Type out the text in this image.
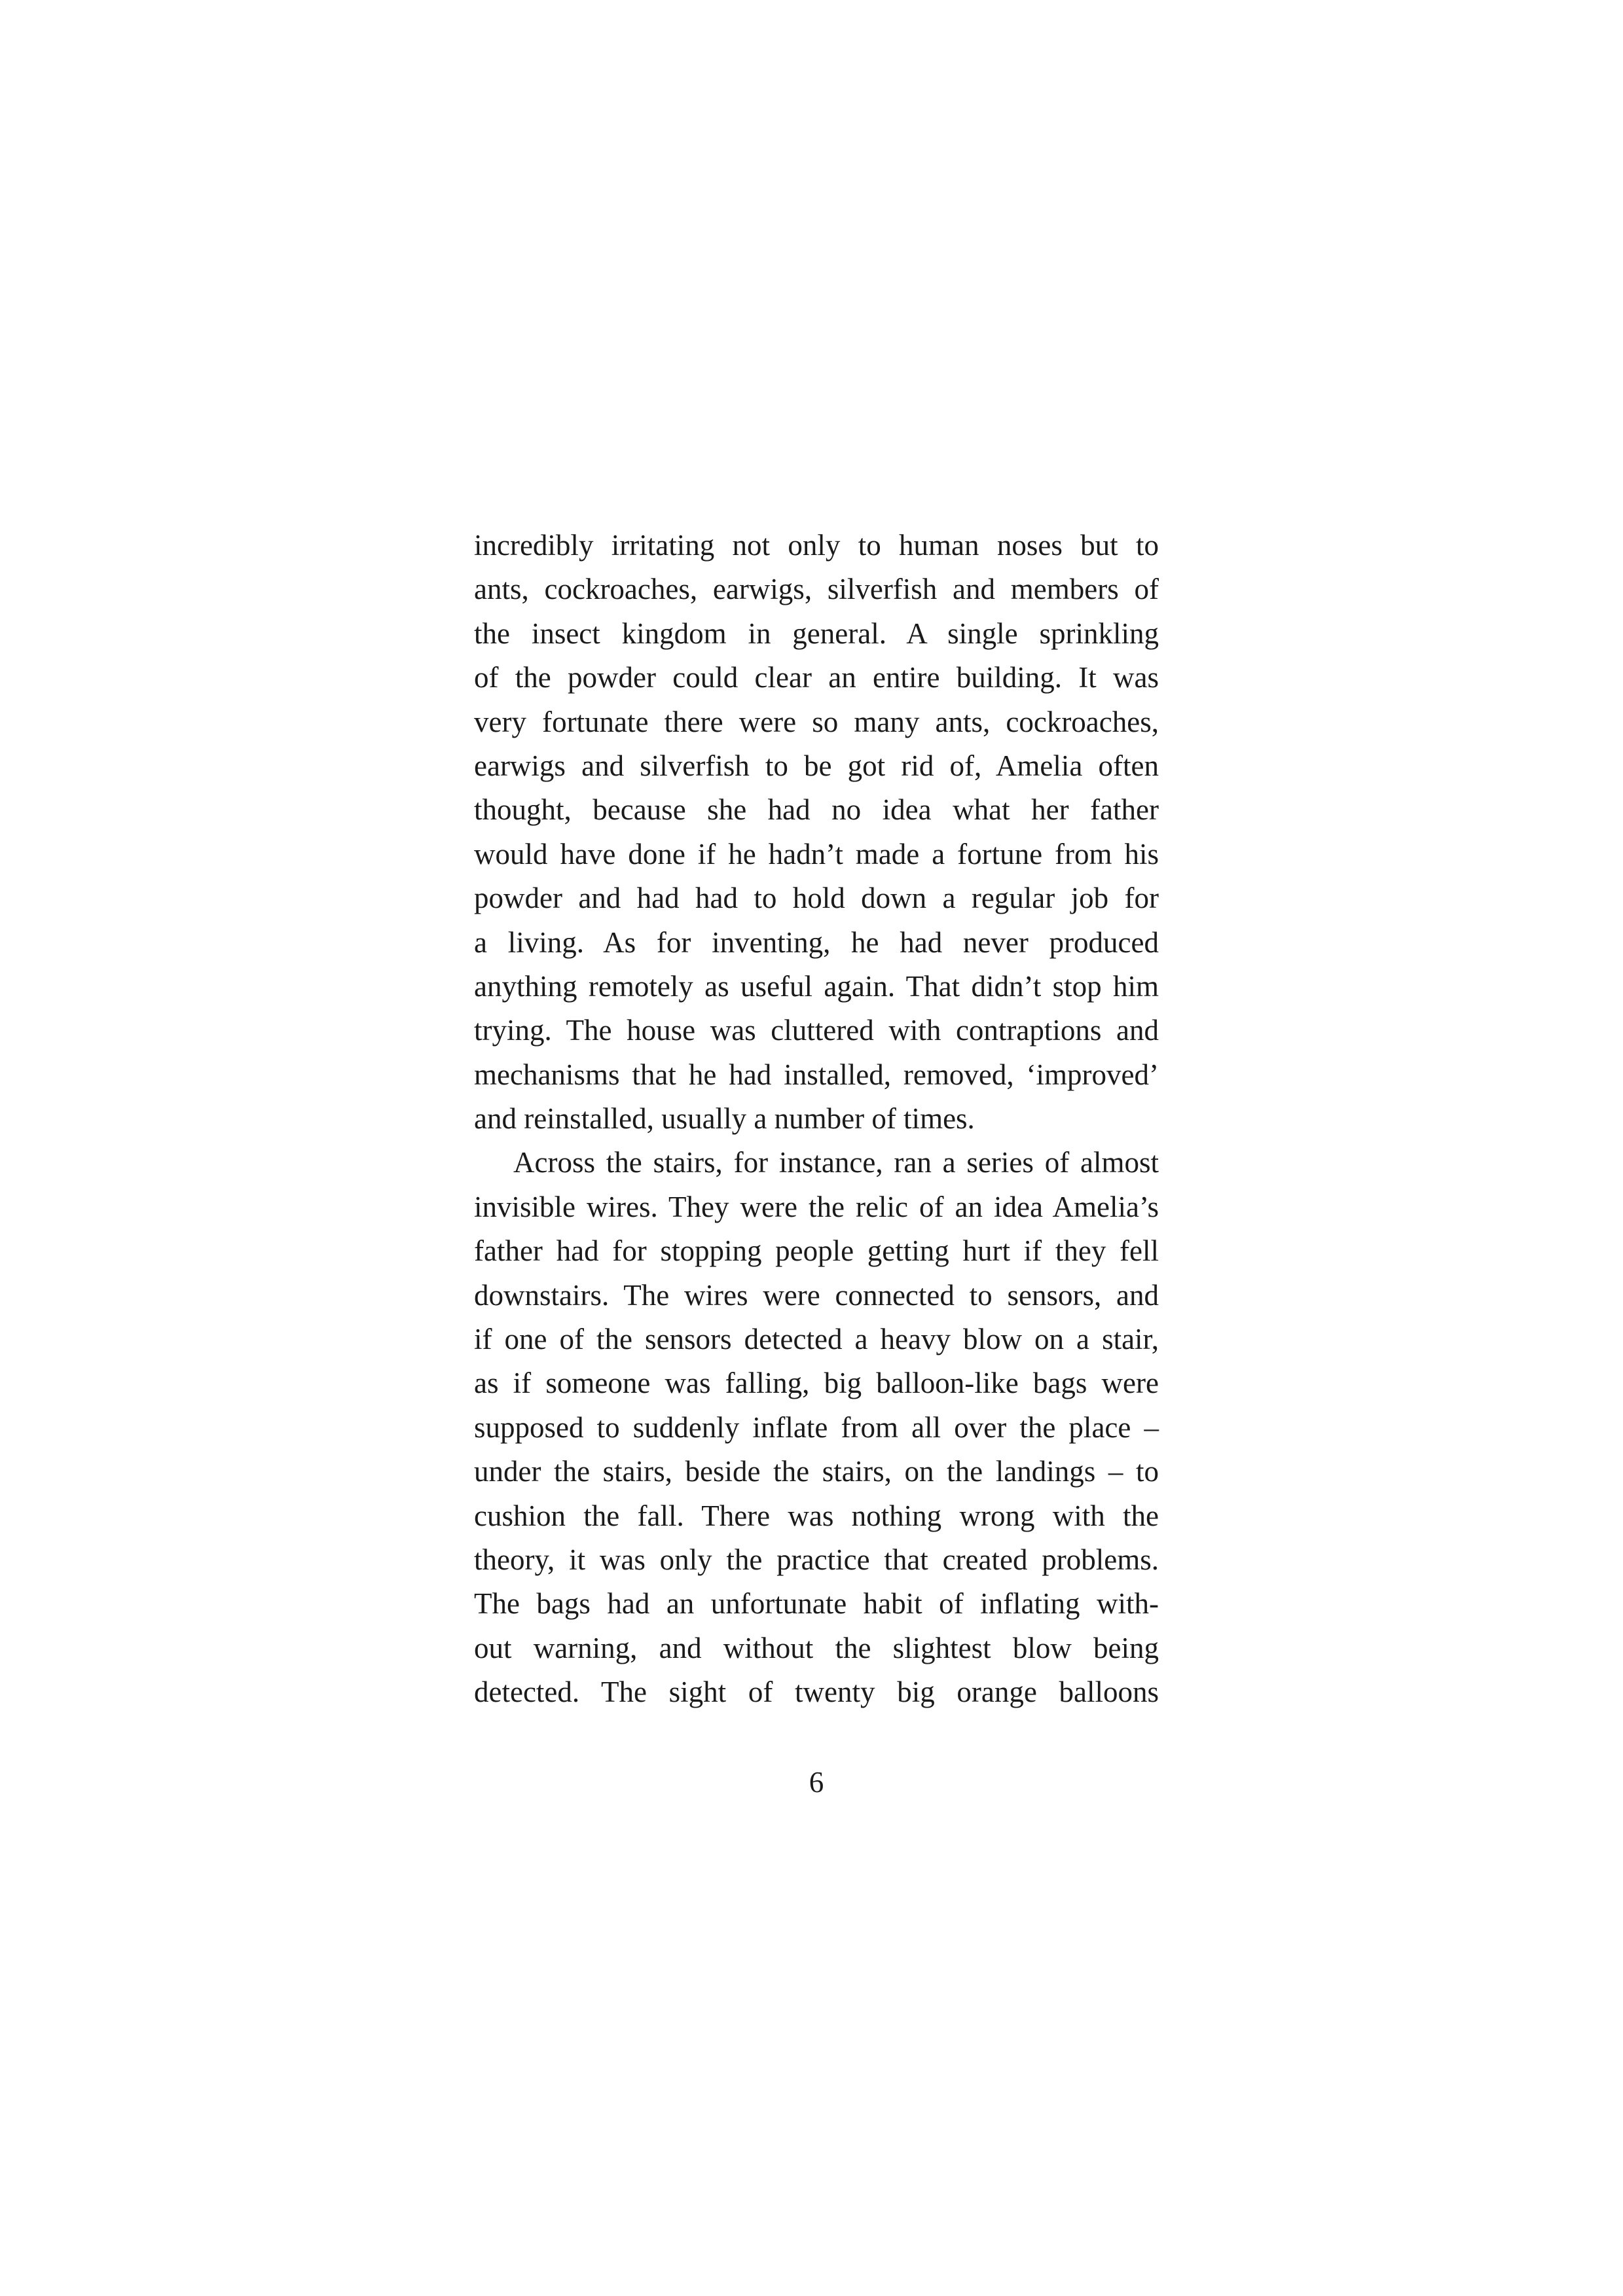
incredibly irritating not only to human noses but to
ants, cockroaches, earwigs, silverfish and members of
the insect kingdom in general. A single sprinkling
of the powder could clear an entire building. It was
very fortunate there were so many ants, cockroaches,
earwigs and silverfish to be got rid of, Amelia often
thought, because she had no idea what her father
would have done if he hadn’t made a fortune from his
powder and had had to hold down a regular job for
a living. As for inventing, he had never produced
anything remotely as useful again. That didn’t stop him
trying. The house was cluttered with contraptions and
mechanisms that he had installed, removed, ‘improved’
and reinstalled, usually a number of times.
Across the stairs, for instance, ran a series of almost
invisible wires. They were the relic of an idea Amelia’s
father had for stopping people getting hurt if they fell
downstairs. The wires were connected to sensors, and
if one of the sensors detected a heavy blow on a stair,
as if someone was falling, big balloon-like bags were
supposed to suddenly inflate from all over the place –
under the stairs, beside the stairs, on the landings – to
cushion the fall. There was nothing wrong with the
theory, it was only the practice that created problems.
The bags had an unfortunate habit of inflating with-
out warning, and without the slightest blow being
detected. The sight of twenty big orange balloons
6
